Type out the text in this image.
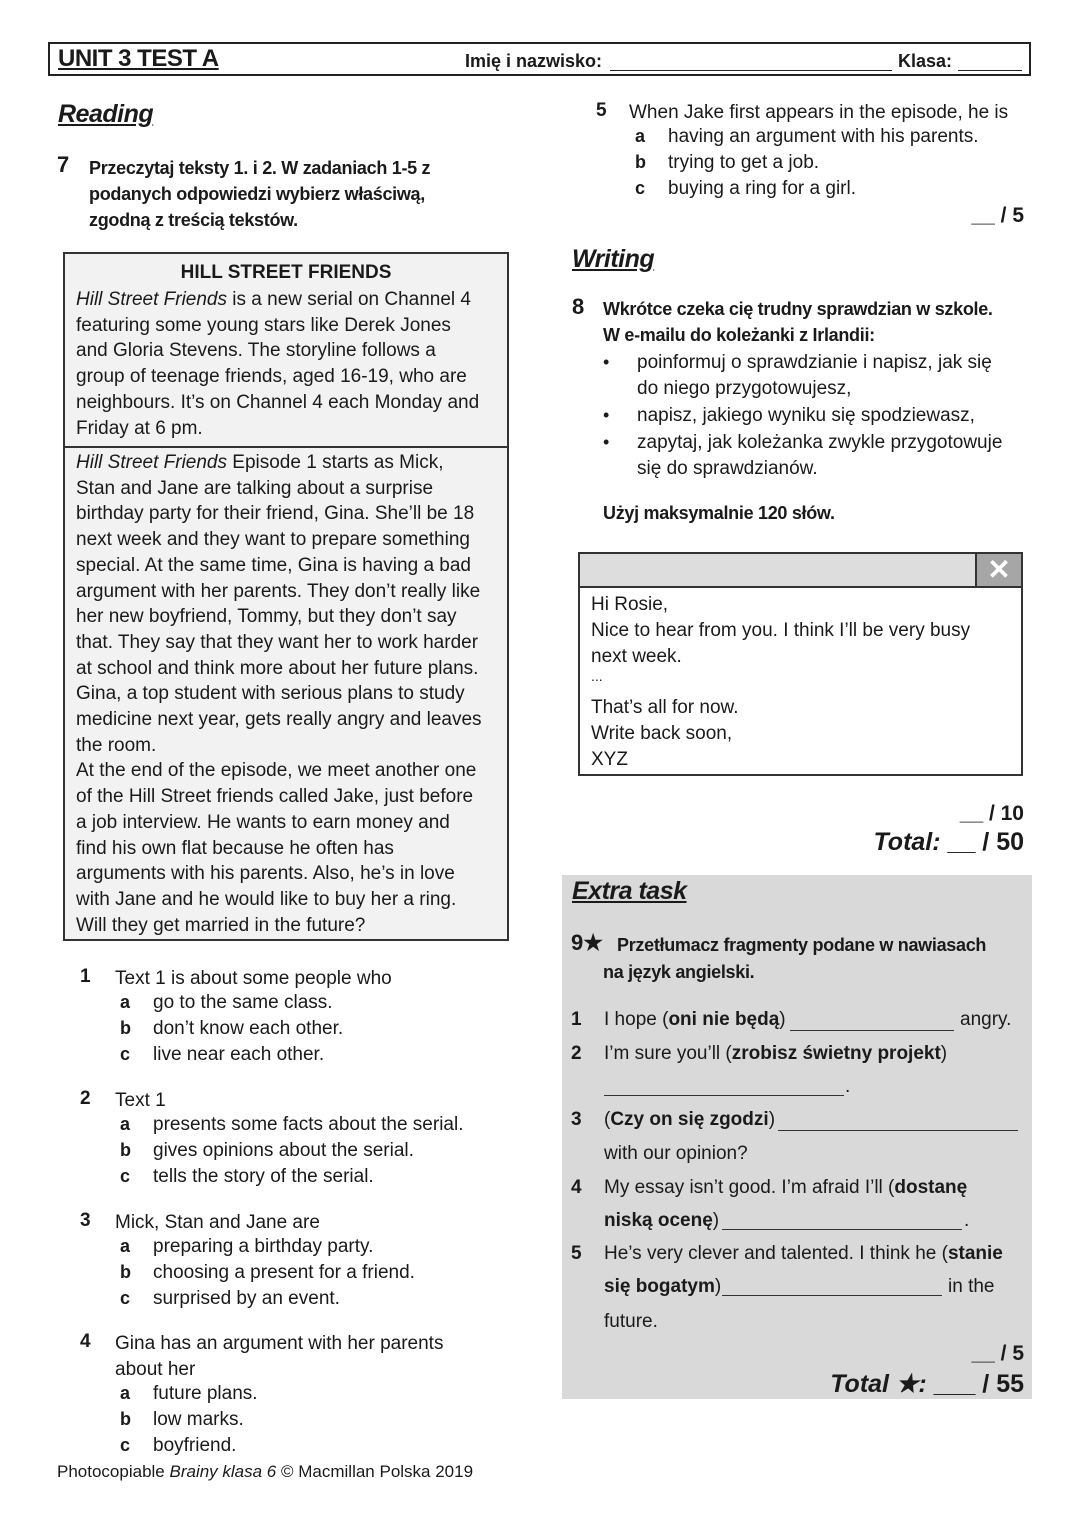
UNIT 3 TEST A	Imię i nazwisko:	Klasa:
Reading
7 Przeczytaj teksty 1. i 2. W zadaniach 1-5 z
podanych odpowiedzi wybierz właściwą,
zgodną z treścią tekstów.
HILL STREET FRIENDS
Hill Street Friends is a new serial on Channel 4
featuring some young stars like Derek Jones
and Gloria Stevens. The storyline follows a
group of teenage friends, aged 16-19, who are
neighbours. It’s on Channel 4 each Monday and
Friday at 6 pm.
Hill Street Friends Episode 1 starts as Mick,
Stan and Jane are talking about a surprise
birthday party for their friend, Gina. She’ll be 18
next week and they want to prepare something
special. At the same time, Gina is having a bad
argument with her parents. They don’t really like
her new boyfriend, Tommy, but they don’t say
that. They say that they want her to work harder
at school and think more about her future plans.
Gina, a top student with serious plans to study
medicine next year, gets really angry and leaves
the room.
At the end of the episode, we meet another one
of the Hill Street friends called Jake, just before
a job interview. He wants to earn money and
find his own flat because he often has
arguments with his parents. Also, he’s in love
with Jane and he would like to buy her a ring.
Will they get married in the future?
1 Text 1 is about some people who
a go to the same class.
b don’t know each other.
c live near each other.
2 Text 1
a presents some facts about the serial.
b gives opinions about the serial.
c tells the story of the serial.
3 Mick, Stan and Jane are
a preparing a birthday party.
b choosing a present for a friend.
c surprised by an event.
4 Gina has an argument with her parents
about her
a future plans.
b low marks.
c boyfriend.
5 When Jake first appears in the episode, he is
a having an argument with his parents.
b trying to get a job.
c buying a ring for a girl.
__ / 5
Writing
8 Wkrótce czeka cię trudny sprawdzian w szkole.
W e-mailu do koleżanki z Irlandii:
• poinformuj o sprawdzianie i napisz, jak się
do niego przygotowujesz,
• napisz, jakiego wyniku się spodziewasz,
• zapytaj, jak koleżanka zwykle przygotowuje
się do sprawdzianów.
Użyj maksymalnie 120 słów.
✕
Hi Rosie,
Nice to hear from you. I think I’ll be very busy
next week.
...
That’s all for now.
Write back soon,
XYZ
__ / 10
Total: __ / 50
Extra task
9★ Przetłumacz fragmenty podane w nawiasach
na język angielski.
1 I hope (oni nie będą)	angry.
2 I’m sure you’ll (zrobisz świetny projekt)
.
3 (Czy on się zgodzi)
with our opinion?
4 My essay isn’t good. I’m afraid I’ll (dostanę
niską ocenę)	.
5 He’s very clever and talented. I think he (stanie
się bogatym)	in the
future.
__ / 5
Total ★: ___ / 55
Photocopiable Brainy klasa 6 © Macmillan Polska 2019
